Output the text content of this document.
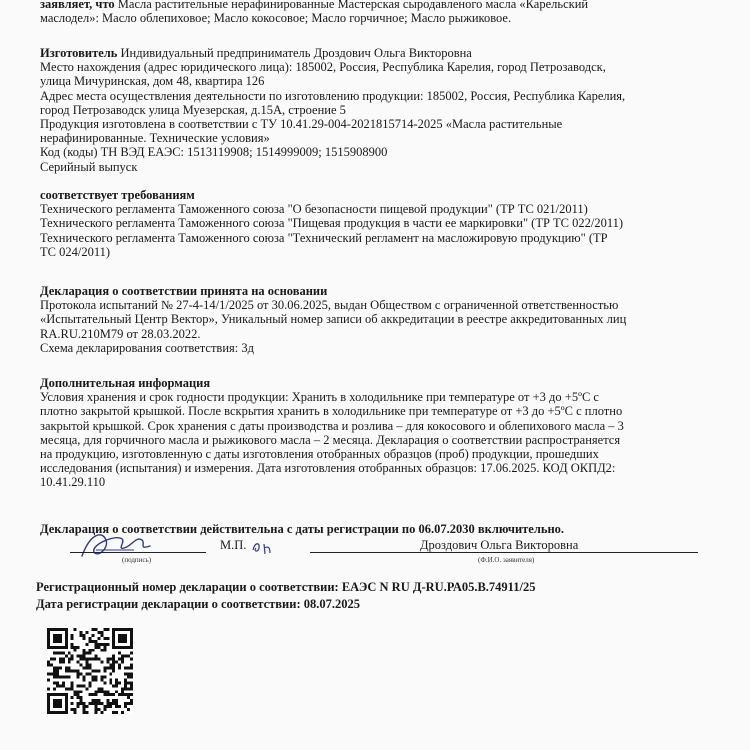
заявляет, что Масла растительные нерафинированные Мастерская сыродавленого масла «Карельский
маслодел»: Масло облепиховое; Масло кокосовое; Масло горчичное; Масло рыжиковое.
Изготовитель Индивидуальный предприниматель Дроздович Ольга Викторовна
Место нахождения (адрес юридического лица): 185002, Россия, Республика Карелия, город Петрозаводск,
улица Мичуринская, дом 48, квартира 126
Адрес места осуществления деятельности по изготовлению продукции: 185002, Россия, Республика Карелия,
город Петрозаводск улица Муезерская, д.15А, строение 5
Продукция изготовлена в соответствии с ТУ 10.41.29-004-2021815714-2025 «Масла растительные
нерафинированные. Технические условия»
Код (коды) ТН ВЭД ЕАЭС: 1513119908; 1514999009; 1515908900
Серийный выпуск
соответствует требованиям
Технического регламента Таможенного союза "О безопасности пищевой продукции" (ТР ТС 021/2011)
Технического регламента Таможенного союза "Пищевая продукция в части ее маркировки" (ТР ТС 022/2011)
Технического регламента Таможенного союза "Технический регламент на масложировую продукцию" (ТР
ТС 024/2011)
Декларация о соответствии принята на основании
Протокола испытаний № 27-4-14/1/2025 от 30.06.2025, выдан Обществом с ограниченной ответственностью
«Испытательный Центр Вектор», Уникальный номер записи об аккредитации в реестре аккредитованных лиц
RA.RU.210M79 от 28.03.2022.
Схема декларирования соответствия: 3д
Дополнительная информация
Условия хранения и срок годности продукции: Хранить в холодильнике при температуре от +3 до +5ºС с
плотно закрытой крышкой. После вскрытия хранить в холодильнике при температуре от +3 до +5ºС с плотно
закрытой крышкой. Срок хранения с даты производства и розлива – для кокосового и облепихового масла – 3
месяца, для горчичного масла и рыжикового масла – 2 месяца. Декларация о соответствии распространяется
на продукцию, изготовленную с даты изготовления отобранных образцов (проб) продукции, прошедших
исследования (испытания) и измерения. Дата изготовления отобранных образцов: 17.06.2025. КОД ОКПД2:
10.41.29.110
Декларация о соответствии действительна с даты регистрации по 06.07.2030 включительно.
(подпись)
М.П.	Дроздович Ольга Викторовна
(Ф.И.О. заявителя)
Регистрационный номер декларации о соответствии: ЕАЭС N RU Д-RU.РА05.В.74911/25
Дата регистрации декларации о соответствии: 08.07.2025
